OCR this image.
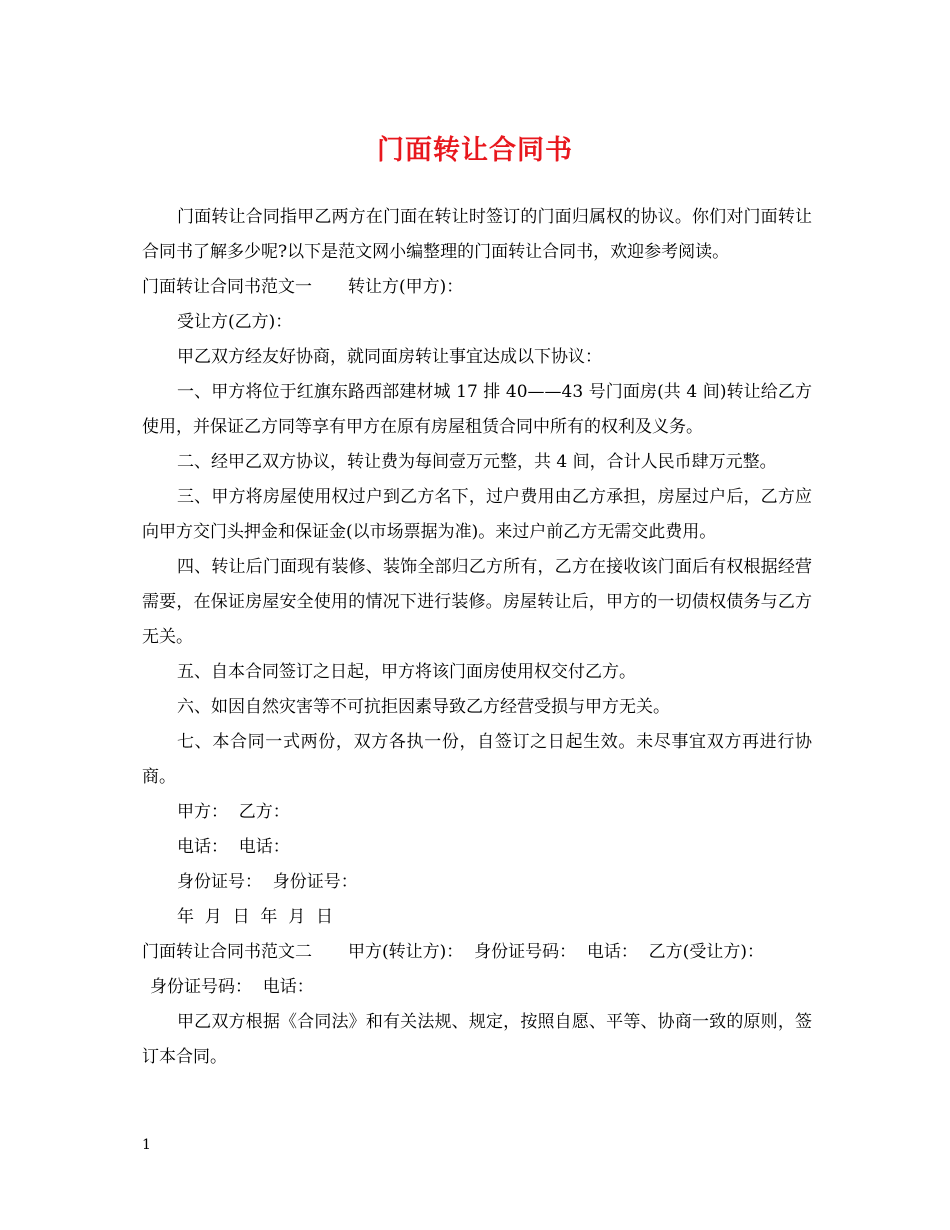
门面转让合同书

门面转让合同指甲乙两方在门面在转让时签订的门面归属权的协议。你们对门面转让合同书了解多少呢?以下是范文网小编整理的门面转让合同书，欢迎参考阅读。

门面转让合同书范文一 转让方(甲方)：

受让方(乙方)：

甲乙双方经友好协商，就同面房转让事宜达成以下协议：

一、甲方将位于红旗东路西部建材城 17 排 40——43 号门面房(共 4 间)转让给乙方使用，并保证乙方同等享有甲方在原有房屋租赁合同中所有的权利及义务。

二、经甲乙双方协议，转让费为每间壹万元整，共 4 间，合计人民币肆万元整。

三、甲方将房屋使用权过户到乙方名下，过户费用由乙方承担，房屋过户后，乙方应向甲方交门头押金和保证金(以市场票据为准)。来过户前乙方无需交此费用。

四、转让后门面现有装修、装饰全部归乙方所有，乙方在接收该门面后有权根据经营需要，在保证房屋安全使用的情况下进行装修。房屋转让后，甲方的一切债权债务与乙方无关。

五、自本合同签订之日起，甲方将该门面房使用权交付乙方。

六、如因自然灾害等不可抗拒因素导致乙方经营受损与甲方无关。

七、本合同一式两份，双方各执一份，自签订之日起生效。未尽事宜双方再进行协商。

甲方：  乙方：

电话：  电话：

身份证号：  身份证号：

年  月  日  年  月  日

门面转让合同书范文二 甲方(转让方)：  身份证号码：  电话：  乙方(受让方)：

身份证号码：  电话：

甲乙双方根据《合同法》和有关法规、规定，按照自愿、平等、协商一致的原则，签订本合同。

1
